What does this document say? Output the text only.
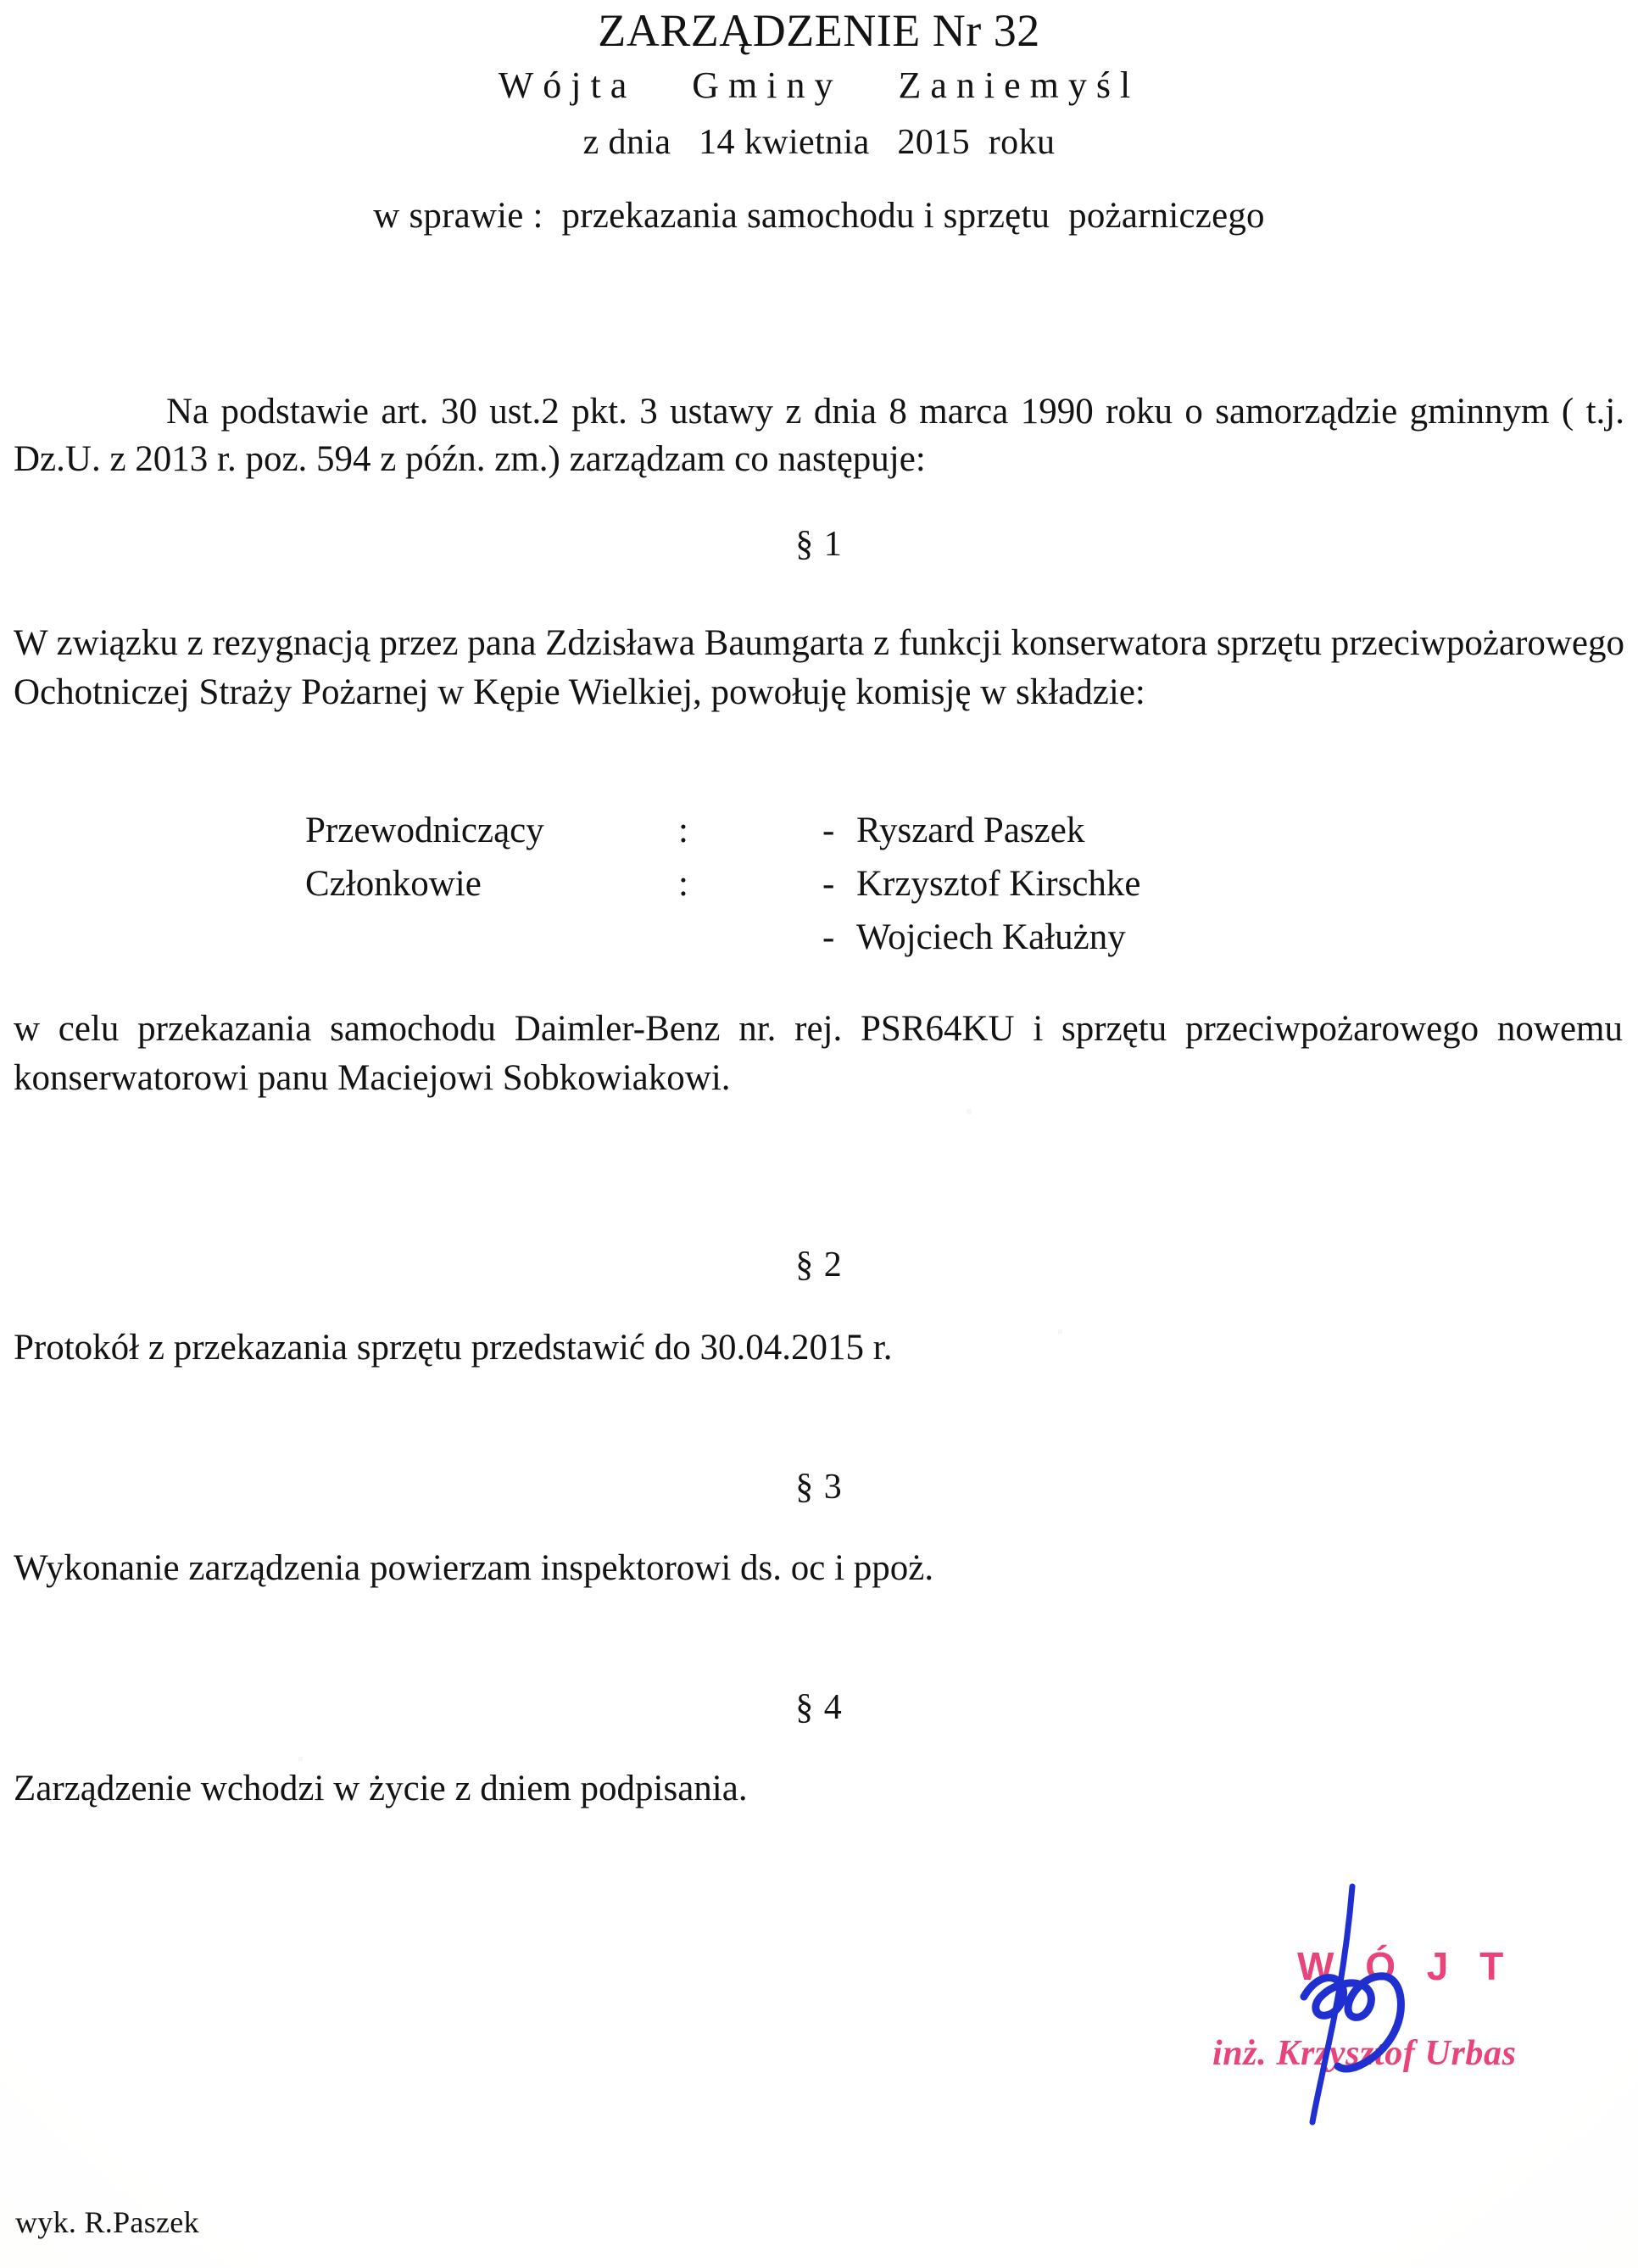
ZARZĄDZENIE Nr 32
Wójta   Gminy   Zaniemyśl
z dnia   14 kwietnia   2015  roku
w sprawie :  przekazania samochodu i sprzętu  pożarniczego
Na podstawie art. 30 ust.2 pkt. 3 ustawy z dnia 8 marca 1990 roku o samorządzie gminnym ( t.j. Dz.U. z 2013 r. poz. 594 z późn. zm.) zarządzam co następuje:
§ 1
W związku z rezygnacją przez pana Zdzisława Baumgarta z funkcji konserwatora sprzętu przeciwpożarowego Ochotniczej Straży Pożarnej w Kępie Wielkiej, powołuję komisję w składzie:
Przewodniczący	:	-	Ryszard Paszek
Członkowie	:	-	Krzysztof Kirschke
		-	Wojciech Kałużny
w celu przekazania samochodu Daimler-Benz nr. rej. PSR64KU i sprzętu przeciwpożarowego nowemu konserwatorowi panu Maciejowi Sobkowiakowi.
§ 2
Protokół z przekazania sprzętu przedstawić do 30.04.2015 r.
§ 3
Wykonanie zarządzenia powierzam inspektorowi ds. oc i ppoż.
§ 4
Zarządzenie wchodzi w życie z dniem podpisania.
W Ó J T
inż. Krzysztof Urbas
wyk. R.Paszek
